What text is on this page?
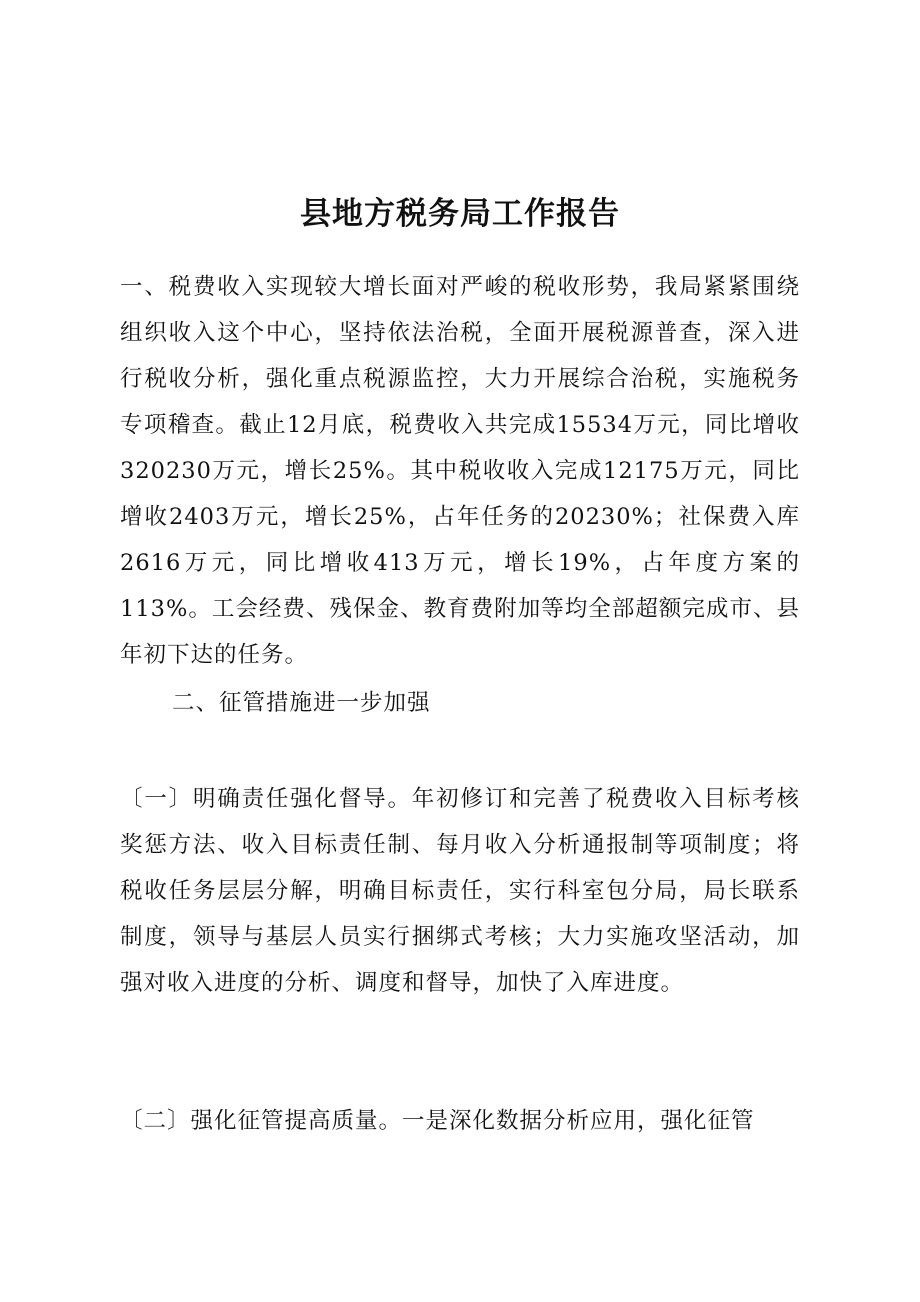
县地方税务局工作报告

一、税费收入实现较大增长面对严峻的税收形势，我局紧紧围绕组织收入这个中心，坚持依法治税，全面开展税源普查，深入进行税收分析，强化重点税源监控，大力开展综合治税，实施税务专项稽查。截止12月底，税费收入共完成15534万元，同比增收320230万元，增长25%。其中税收收入完成12175万元，同比增收2403万元，增长25%，占年任务的20230%；社保费入库2616万元，同比增收413万元，增长19%，占年度方案的113%。工会经费、残保金、教育费附加等均全部超额完成市、县年初下达的任务。

二、征管措施进一步加强

〔一〕明确责任强化督导。年初修订和完善了税费收入目标考核奖惩方法、收入目标责任制、每月收入分析通报制等项制度；将税收任务层层分解，明确目标责任，实行科室包分局，局长联系制度，领导与基层人员实行捆绑式考核；大力实施攻坚活动，加强对收入进度的分析、调度和督导，加快了入库进度。

〔二〕强化征管提高质量。一是深化数据分析应用，强化征管
